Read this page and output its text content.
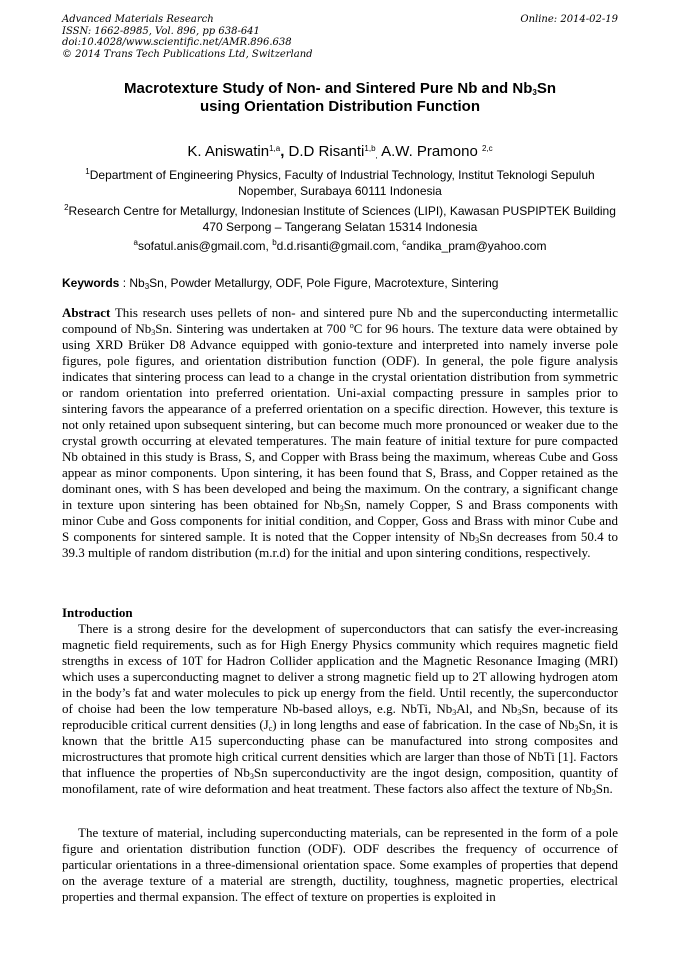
Advanced Materials Research
ISSN: 1662-8985, Vol. 896, pp 638-641
doi:10.4028/www.scientific.net/AMR.896.638
© 2014 Trans Tech Publications Ltd, Switzerland
Online: 2014-02-19
Macrotexture Study of Non- and Sintered Pure Nb and $Nb_3Sn$
using Orientation Distribution Function
K. Aniswatin$^{1,a}$, D.D Risanti$^{1,b}_,$ A.W. Pramono $^{2,c}$
$^1$Department of Engineering Physics, Faculty of Industrial Technology, Institut Teknologi Sepuluh Nopember, Surabaya 60111 Indonesia
$^2$Research Centre for Metallurgy, Indonesian Institute of Sciences (LIPI), Kawasan PUSPIPTEK Building 470 Serpong – Tangerang Selatan 15314 Indonesia
$^a$sofatul.anis@gmail.com, $^b$d.d.risanti@gmail.com, $^c$andika_pram@yahoo.com
Keywords : $Nb_3Sn$, Powder Metallurgy, ODF, Pole Figure, Macrotexture, Sintering
Abstract This research uses pellets of non- and sintered pure Nb and the superconducting intermetallic compound of $Nb_3Sn$. Sintering was undertaken at 700 $^o$C for 96 hours. The texture data were obtained by using XRD Brüker D8 Advance equipped with gonio-texture and interpreted into namely inverse pole figures, pole figures, and orientation distribution function (ODF). In general, the pole figure analysis indicates that sintering process can lead to a change in the crystal orientation distribution from symmetric or random orientation into preferred orientation. Uni-axial compacting pressure in samples prior to sintering favors the appearance of a preferred orientation on a specific direction. However, this texture is not only retained upon subsequent sintering, but can become much more pronounced or weaker due to the crystal growth occurring at elevated temperatures. The main feature of initial texture for pure compacted Nb obtained in this study is Brass, S, and Copper with Brass being the maximum, whereas Cube and Goss appear as minor components. Upon sintering, it has been found that S, Brass, and Copper retained as the dominant ones, with S has been developed and being the maximum. On the contrary, a significant change in texture upon sintering has been obtained for $Nb_3Sn$, namely Copper, S and Brass components with minor Cube and Goss components for initial condition, and Copper, Goss and Brass with minor Cube and S components for sintered sample. It is noted that the Copper intensity of $Nb_3Sn$ decreases from 50.4 to 39.3 multiple of random distribution (m.r.d) for the initial and upon sintering conditions, respectively.
Introduction
There is a strong desire for the development of superconductors that can satisfy the ever-increasing magnetic field requirements, such as for High Energy Physics community which requires magnetic field strengths in excess of 10T for Hadron Collider application and the Magnetic Resonance Imaging (MRI) which uses a superconducting magnet to deliver a strong magnetic field up to 2T allowing hydrogen atom in the body’s fat and water molecules to pick up energy from the field. Until recently, the superconductor of choise had been the low temperature Nb-based alloys, e.g. NbTi, $Nb_3Al$, and $Nb_3Sn$, because of its reproducible critical current densities $(J_c)$ in long lengths and ease of fabrication. In the case of $Nb_3Sn$, it is known that the brittle A15 superconducting phase can be manufactured into strong composites and microstructures that promote high critical current densities which are larger than those of NbTi [1]. Factors that influence the properties of $Nb_3Sn$ superconductivity are the ingot design, composition, quantity of monofilament, rate of wire deformation and heat treatment. These factors also affect the texture of $Nb_3Sn$.
The texture of material, including superconducting materials, can be represented in the form of a pole figure and orientation distribution function (ODF). ODF describes the frequency of occurrence of particular orientations in a three-dimensional orientation space. Some examples of properties that depend on the average texture of a material are strength, ductility, toughness, magnetic properties, electrical properties and thermal expansion. The effect of texture on properties is exploited in
